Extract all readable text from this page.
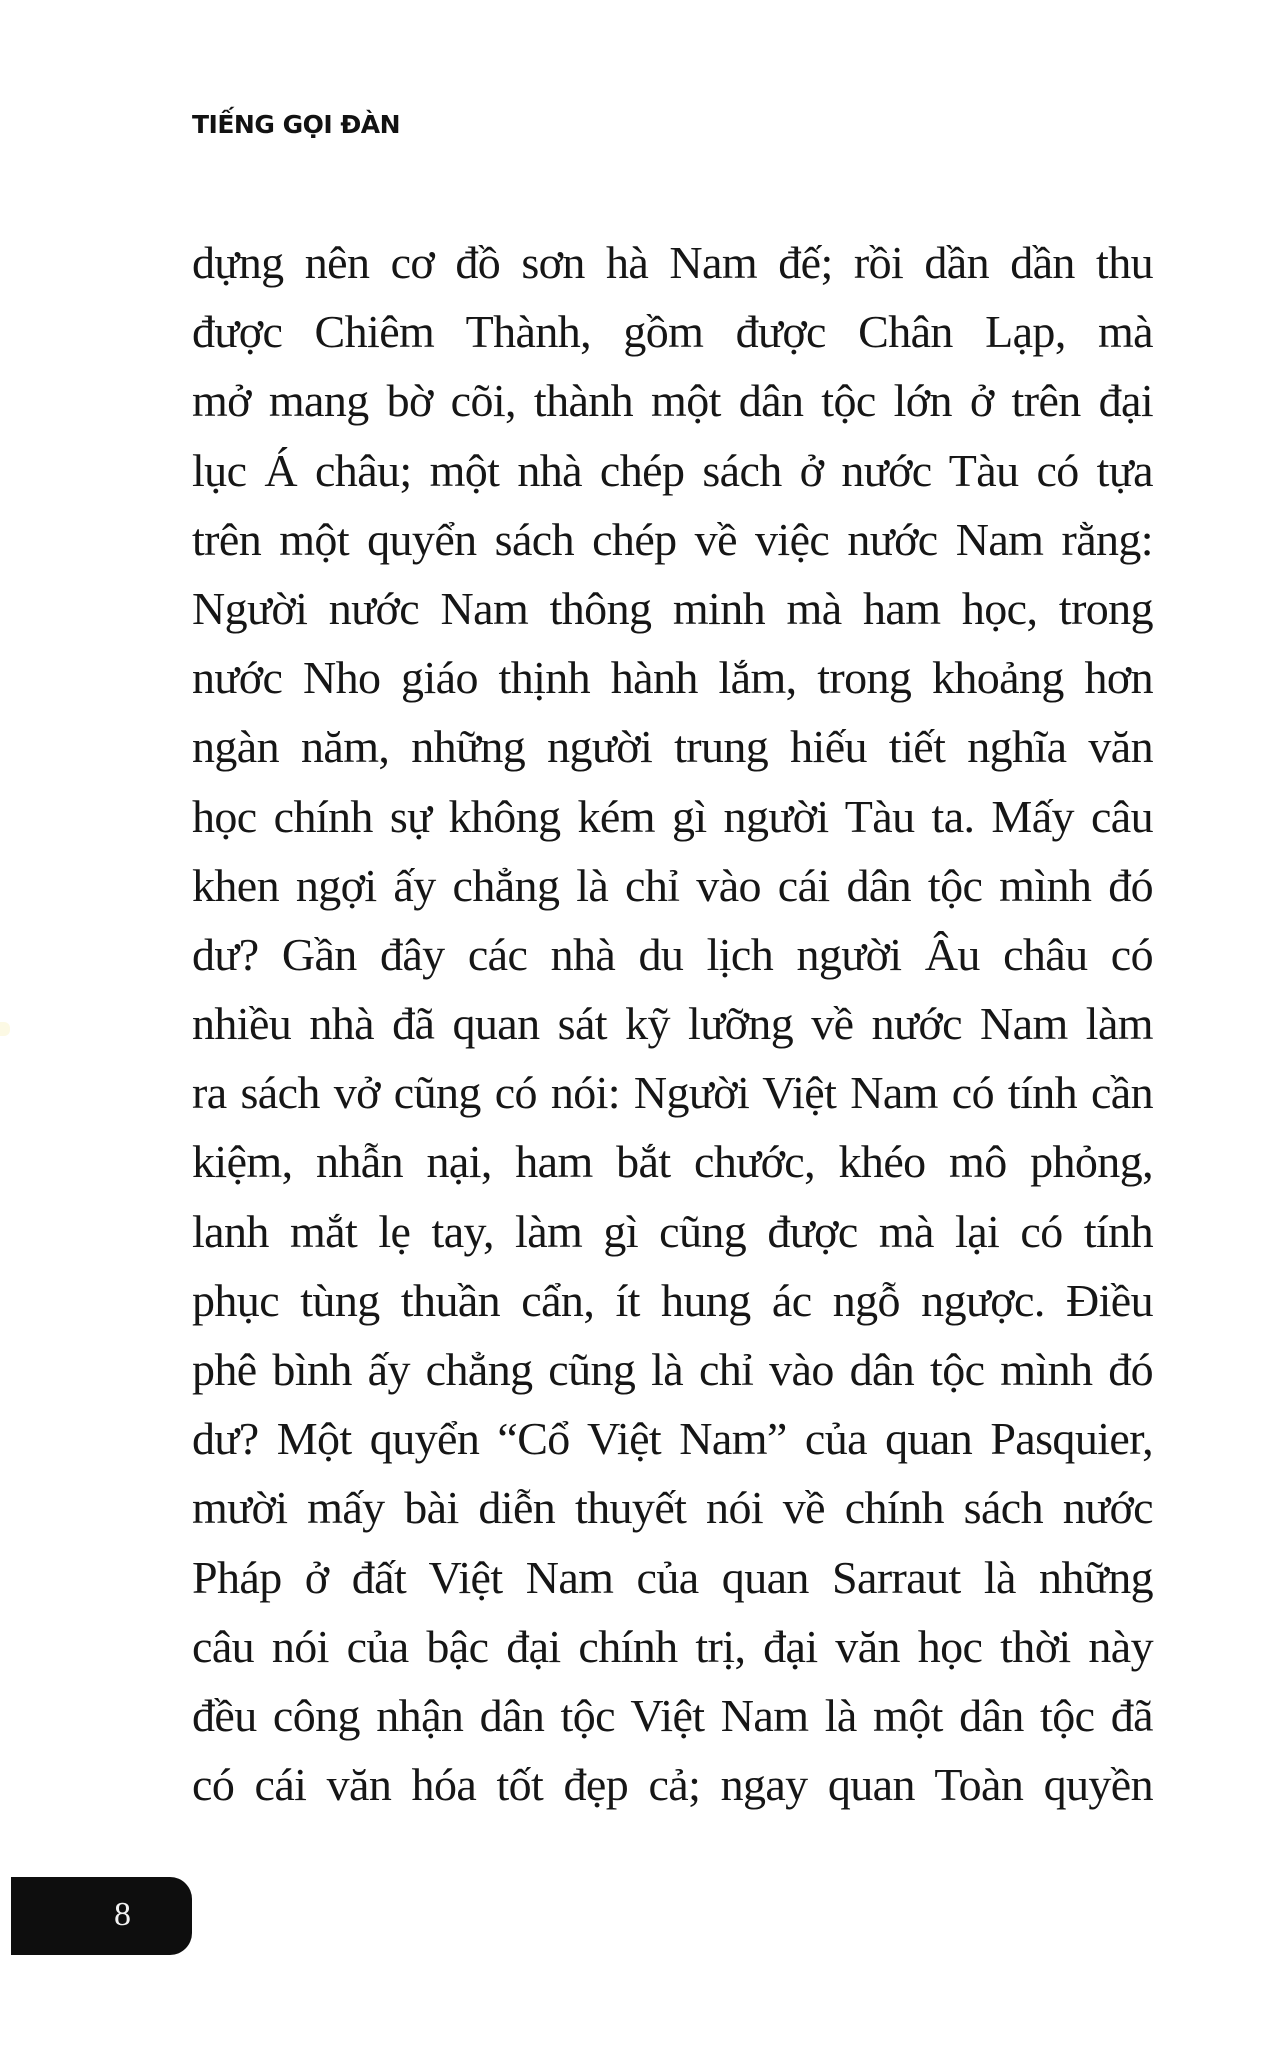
TIẾNG GỌI ĐÀN
dựng nên cơ đồ sơn hà Nam đế; rồi dần dần thu
được Chiêm Thành, gồm được Chân Lạp, mà
mở mang bờ cõi, thành một dân tộc lớn ở trên đại
lục Á châu; một nhà chép sách ở nước Tàu có tựa
trên một quyển sách chép về việc nước Nam rằng:
Người nước Nam thông minh mà ham học, trong
nước Nho giáo thịnh hành lắm, trong khoảng hơn
ngàn năm, những người trung hiếu tiết nghĩa văn
học chính sự không kém gì người Tàu ta. Mấy câu
khen ngợi ấy chẳng là chỉ vào cái dân tộc mình đó
dư? Gần đây các nhà du lịch người Âu châu có
nhiều nhà đã quan sát kỹ lưỡng về nước Nam làm
ra sách vở cũng có nói: Người Việt Nam có tính cần
kiệm, nhẫn nại, ham bắt chước, khéo mô phỏng,
lanh mắt lẹ tay, làm gì cũng được mà lại có tính
phục tùng thuần cẩn, ít hung ác ngỗ ngược. Điều
phê bình ấy chẳng cũng là chỉ vào dân tộc mình đó
dư? Một quyển “Cổ Việt Nam” của quan Pasquier,
mười mấy bài diễn thuyết nói về chính sách nước
Pháp ở đất Việt Nam của quan Sarraut là những
câu nói của bậc đại chính trị, đại văn học thời này
đều công nhận dân tộc Việt Nam là một dân tộc đã
có cái văn hóa tốt đẹp cả; ngay quan Toàn quyền
8
